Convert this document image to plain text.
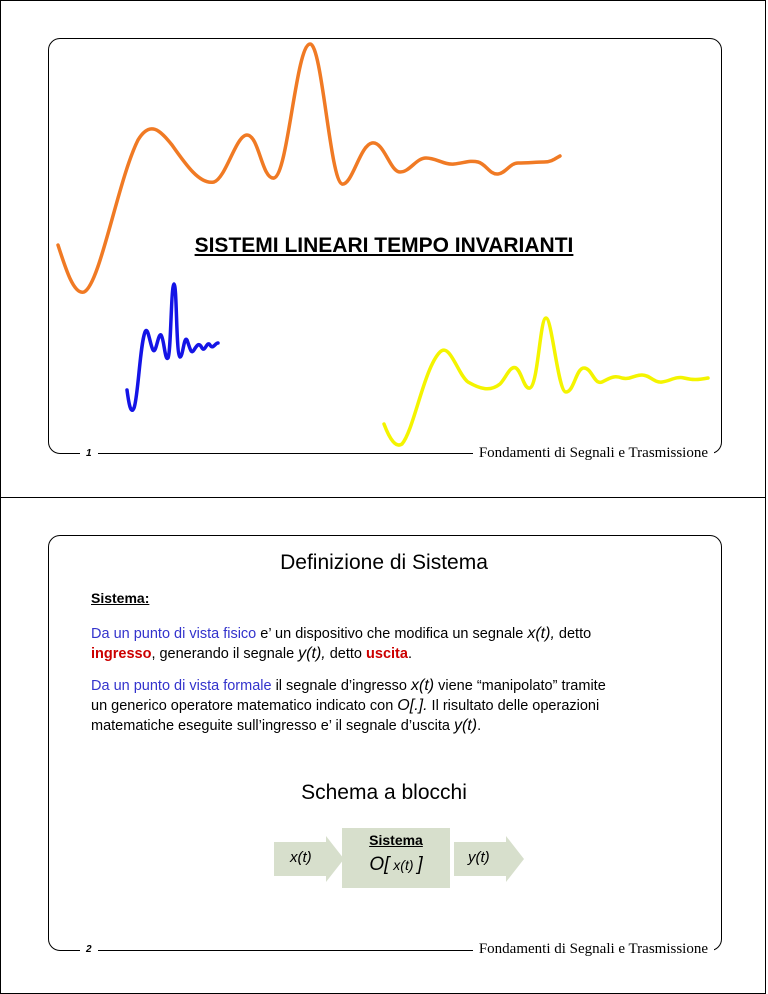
SISTEMI LINEARI TEMPO INVARIANTI
1	Fondamenti di Segnali e Trasmissione
Definizione di Sistema
Sistema:
Da un punto di vista fisico e’ un dispositivo che modifica un segnale x(t), detto
ingresso, generando il segnale y(t), detto uscita.
Da un punto di vista formale il segnale d’ingresso x(t) viene “manipolato” tramite
un generico operatore matematico indicato con O[.]. Il risultato delle operazioni
matematiche eseguite sull’ingresso e’ il segnale d’uscita y(t).
Schema a blocchi
x(t)
Sistema
O[ x(t) ]	y(t)
2	Fondamenti di Segnali e Trasmissione
